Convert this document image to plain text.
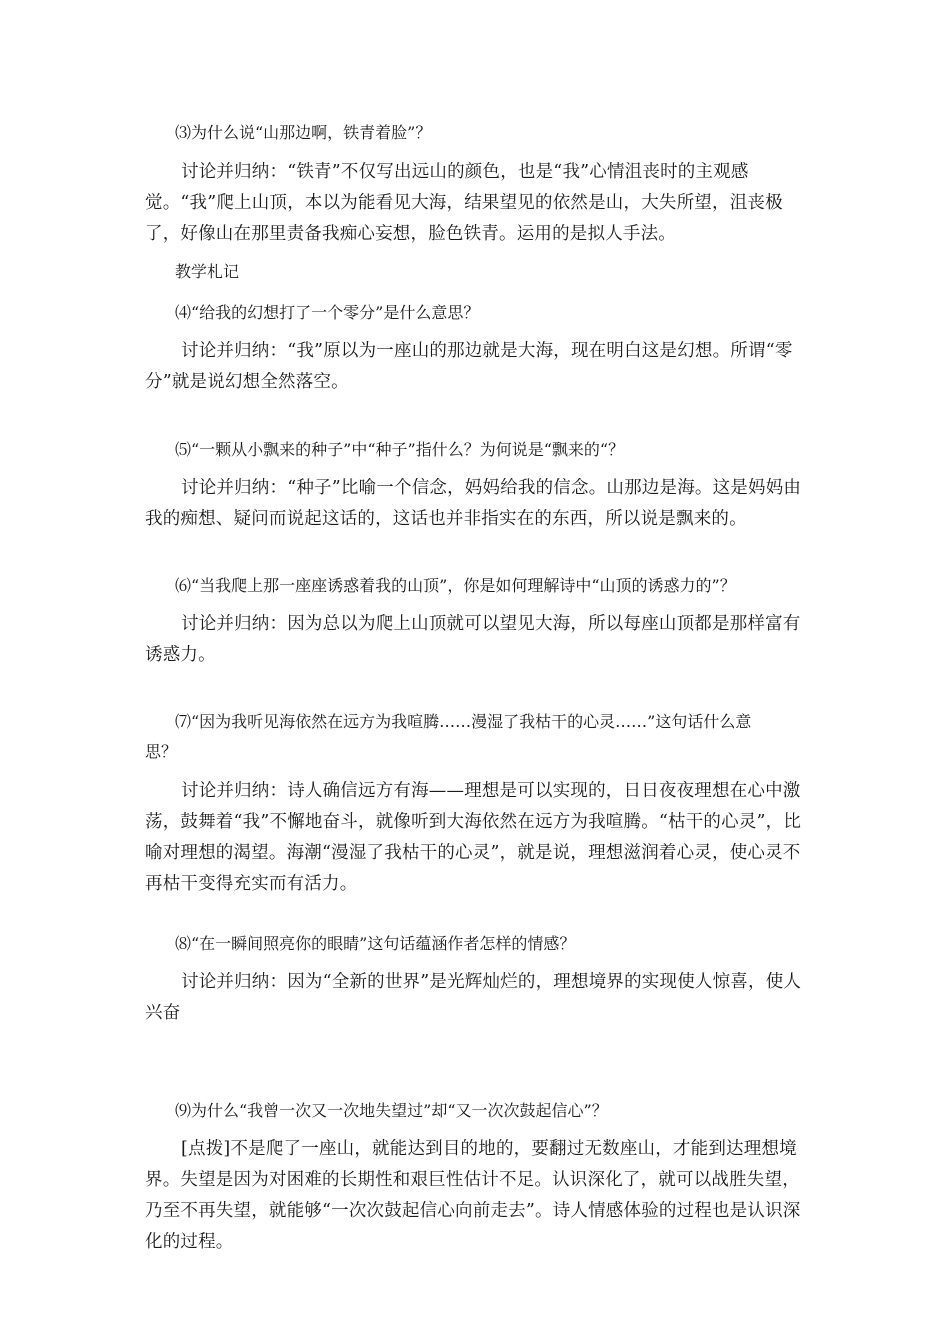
⑶为什么说“山那边啊，铁青着脸”？

讨论并归纳：“铁青”不仅写出远山的颜色，也是“我”心情沮丧时的主观感觉。“我”爬上山顶，本以为能看见大海，结果望见的依然是山，大失所望，沮丧极了，好像山在那里责备我痴心妄想，脸色铁青。运用的是拟人手法。

教学札记

⑷“给我的幻想打了一个零分”是什么意思？

讨论并归纳：“我”原以为一座山的那边就是大海，现在明白这是幻想。所谓“零分”就是说幻想全然落空。

⑸“一颗从小飘来的种子”中“种子”指什么？为何说是“飘来的“？

讨论并归纳：“种子”比喻一个信念，妈妈给我的信念。山那边是海。这是妈妈由我的痴想、疑问而说起这话的，这话也并非指实在的东西，所以说是飘来的。

⑹“当我爬上那一座座诱惑着我的山顶”，你是如何理解诗中“山顶的诱惑力的”？

讨论并归纳：因为总以为爬上山顶就可以望见大海，所以每座山顶都是那样富有诱惑力。

⑺“因为我听见海依然在远方为我喧腾……漫湿了我枯干的心灵……”这句话什么意

思？

讨论并归纳：诗人确信远方有海——理想是可以实现的，日日夜夜理想在心中激荡，鼓舞着“我”不懈地奋斗，就像听到大海依然在远方为我喧腾。“枯干的心灵”，比喻对理想的渴望。海潮“漫湿了我枯干的心灵”，就是说，理想滋润着心灵，使心灵不再枯干变得充实而有活力。

⑻“在一瞬间照亮你的眼睛”这句话蕴涵作者怎样的情感？

讨论并归纳：因为“全新的世界”是光辉灿烂的，理想境界的实现使人惊喜，使人兴奋

⑼为什么“我曾一次又一次地失望过”却“又一次次鼓起信心”？

[点拨]不是爬了一座山，就能达到目的地的，要翻过无数座山，才能到达理想境界。失望是因为对困难的长期性和艰巨性估计不足。认识深化了，就可以战胜失望，乃至不再失望，就能够“一次次鼓起信心向前走去”。诗人情感体验的过程也是认识深化的过程。
